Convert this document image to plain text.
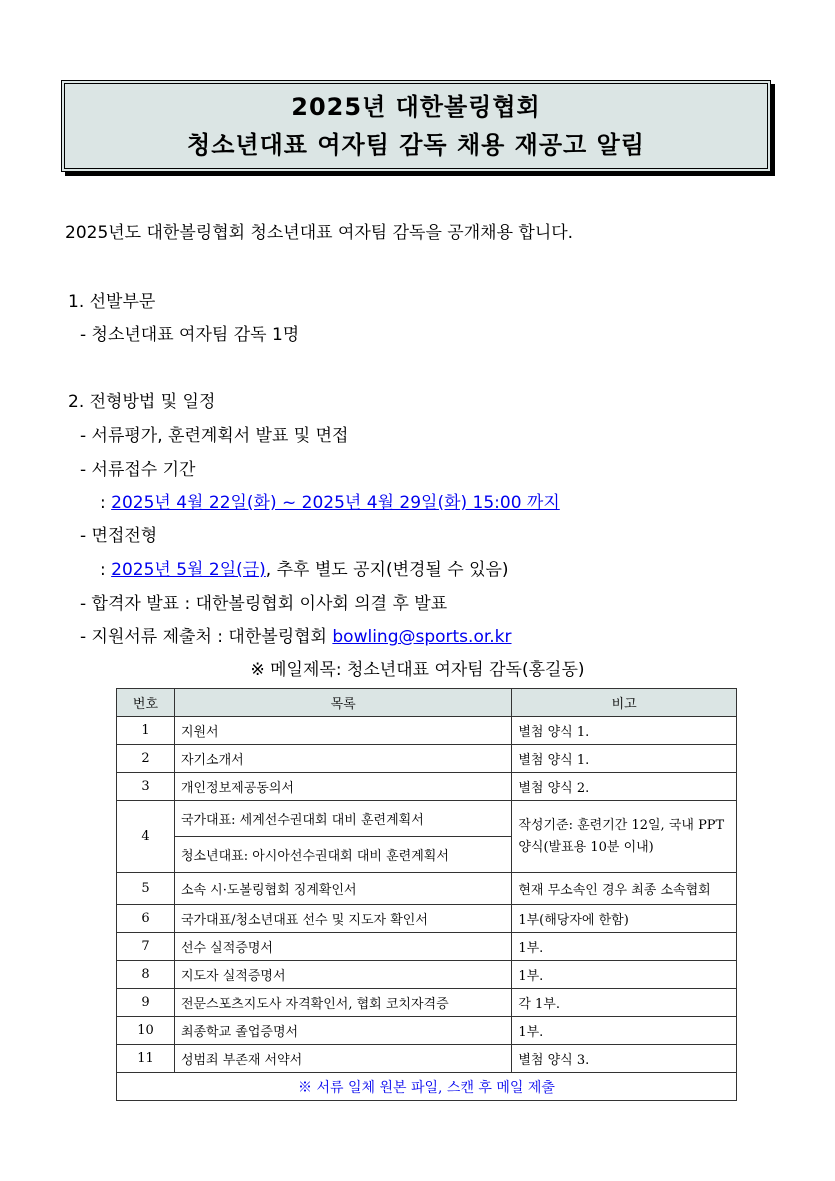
2025년 대한볼링협회
청소년대표 여자팀 감독 채용 재공고 알림
2025년도 대한볼링협회 청소년대표 여자팀 감독을 공개채용 합니다.
1. 선발부문
- 청소년대표 여자팀 감독 1명
2. 전형방법 및 일정
- 서류평가, 훈련계획서 발표 및 면접
- 서류접수 기간
: 2025년 4월 22일(화) ~ 2025년 4월 29일(화) 15:00 까지
- 면접전형
: 2025년 5월 2일(금), 추후 별도 공지(변경될 수 있음)
- 합격자 발표 : 대한볼링협회 이사회 의결 후 발표
- 지원서류 제출처 : 대한볼링협회 bowling@sports.or.kr
※ 메일제목: 청소년대표 여자팀 감독(홍길동)
번호	목록	비고
1	지원서	별첨 양식 1.
2	자기소개서	별첨 양식 1.
3	개인정보제공동의서	별첨 양식 2.
4	국가대표: 세계선수권대회 대비 훈련계획서	작성기준: 훈련기간 12일, 국내 PPT 양식(발표용 10분 이내)
	청소년대표: 아시아선수권대회 대비 훈련계획서	
5	소속 시·도볼링협회 징계확인서	현재 무소속인 경우 최종 소속협회
6	국가대표/청소년대표 선수 및 지도자 확인서	1부(해당자에 한함)
7	선수 실적증명서	1부.
8	지도자 실적증명서	1부.
9	전문스포츠지도사 자격확인서, 협회 코치자격증	각 1부.
10	최종학교 졸업증명서	1부.
11	성범죄 부존재 서약서	별첨 양식 3.
※ 서류 일체 원본 파일, 스캔 후 메일 제출		
